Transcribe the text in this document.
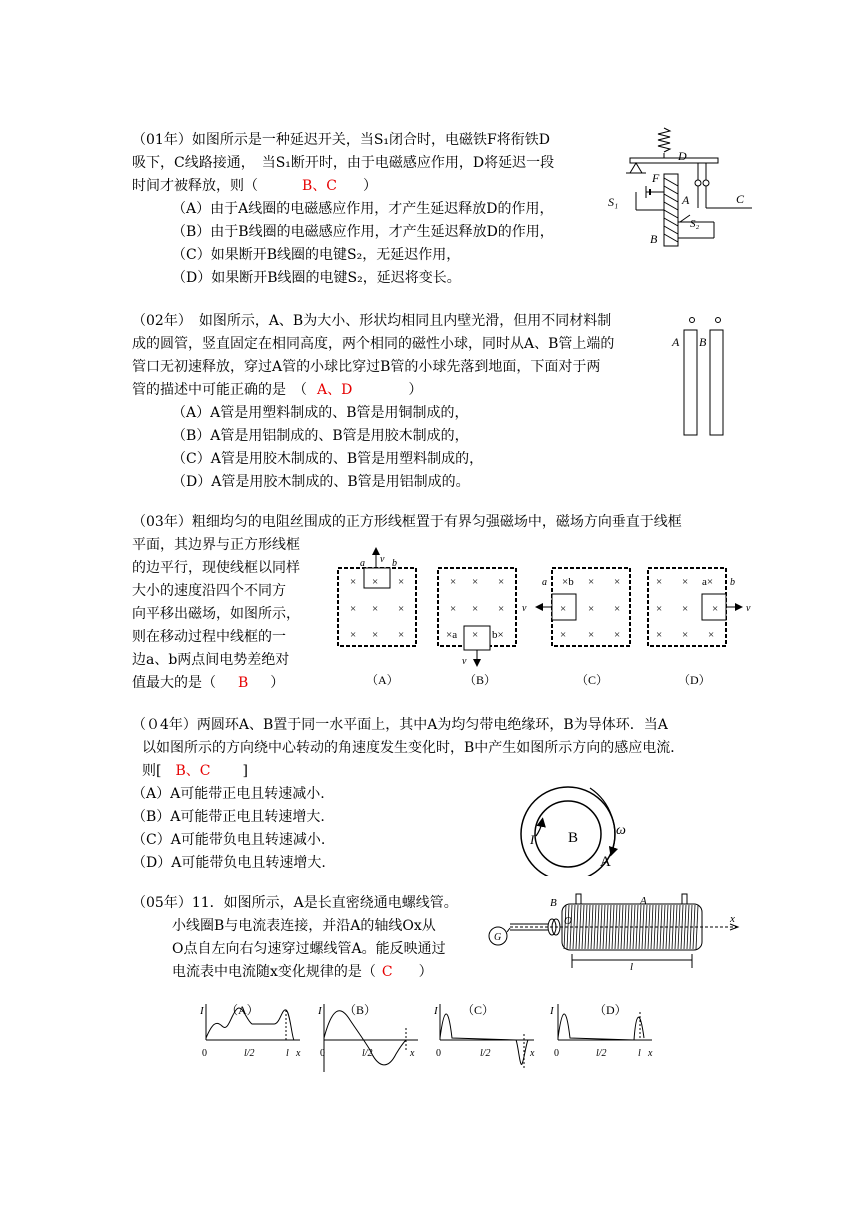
（01年）如图所示是一种延迟开关，当S₁闭合时，电磁铁F将衔铁D
吸下，C线路接通，　当S₁断开时，由于电磁感应作用，D将延迟一段
时间才被释放，则（	B、C ）
（A）由于A线圈的电磁感应作用，才产生延迟释放D的作用，
（B）由于B线圈的电磁感应作用，才产生延迟释放D的作用，
（C）如果断开B线圈的电键S₂，无延迟作用，
（D）如果断开B线圈的电键S₂，延迟将变长。
D
F
S₁	A	C
S₂
B
（02年）　如图所示，A、B为大小、形状均相同且内壁光滑，但用不同材料制
成的圆管，竖直固定在相同高度，两个相同的磁性小球，同时从A、B管上端的
管口无初速释放，穿过A管的小球比穿过B管的小球先落到地面，下面对于两
管的描述中可能正确的是　（ A、D	）
（A）A管是用塑料制成的、B管是用铜制成的，
（B）A管是用铝制成的、B管是用胶木制成的，
（C）A管是用胶木制成的、B管是用塑料制成的，
（D）A管是用胶木制成的、B管是用铝制成的。
A B
（03年）粗细均匀的电阻丝围成的正方形线框置于有界匀强磁场中，磁场方向垂直于线框
平面，其边界与正方形线框
的边平行，现使线框以同样
大小的速度沿四个不同方
向平移出磁场，如图所示，
则在移动过程中线框的一
边a、b两点间电势差绝对
值最大的是（ B ）
× × ×
× × ×
× × ×
a	b
v
× × ×
× × ×
×a × b×
v
×b × ×
× × ×
× × ×
a
v
× × a×
× × ×
× × ×
b
v
（A）	（B）	（C）	（D）
（０4年）两圆环A、B置于同一水平面上，其中A为均匀带电绝缘环，B为导体环．当A
以如图所示的方向绕中心转动的角速度发生变化时，B中产生如图所示方向的感应电流．
则[ B、C ]
（A）A可能带正电且转速减小.
（B）A可能带正电且转速增大.
（C）A可能带负电且转速减小.
（D）A可能带负电且转速增大.
I B	ω
A
（05年）11．如图所示，A是长直密绕通电螺线管。
小线圈B与电流表连接，并沿A的轴线Ox从
O点自左向右匀速穿过螺线管A。能反映通过
电流表中电流随x变化规律的是（ C ）
B
O
A
x
G
l
I （A）
0	l/2	l x
I （B）
0	l/2	x
I （C）
0	l/2	x
I	（D）
0	l/2	l x
